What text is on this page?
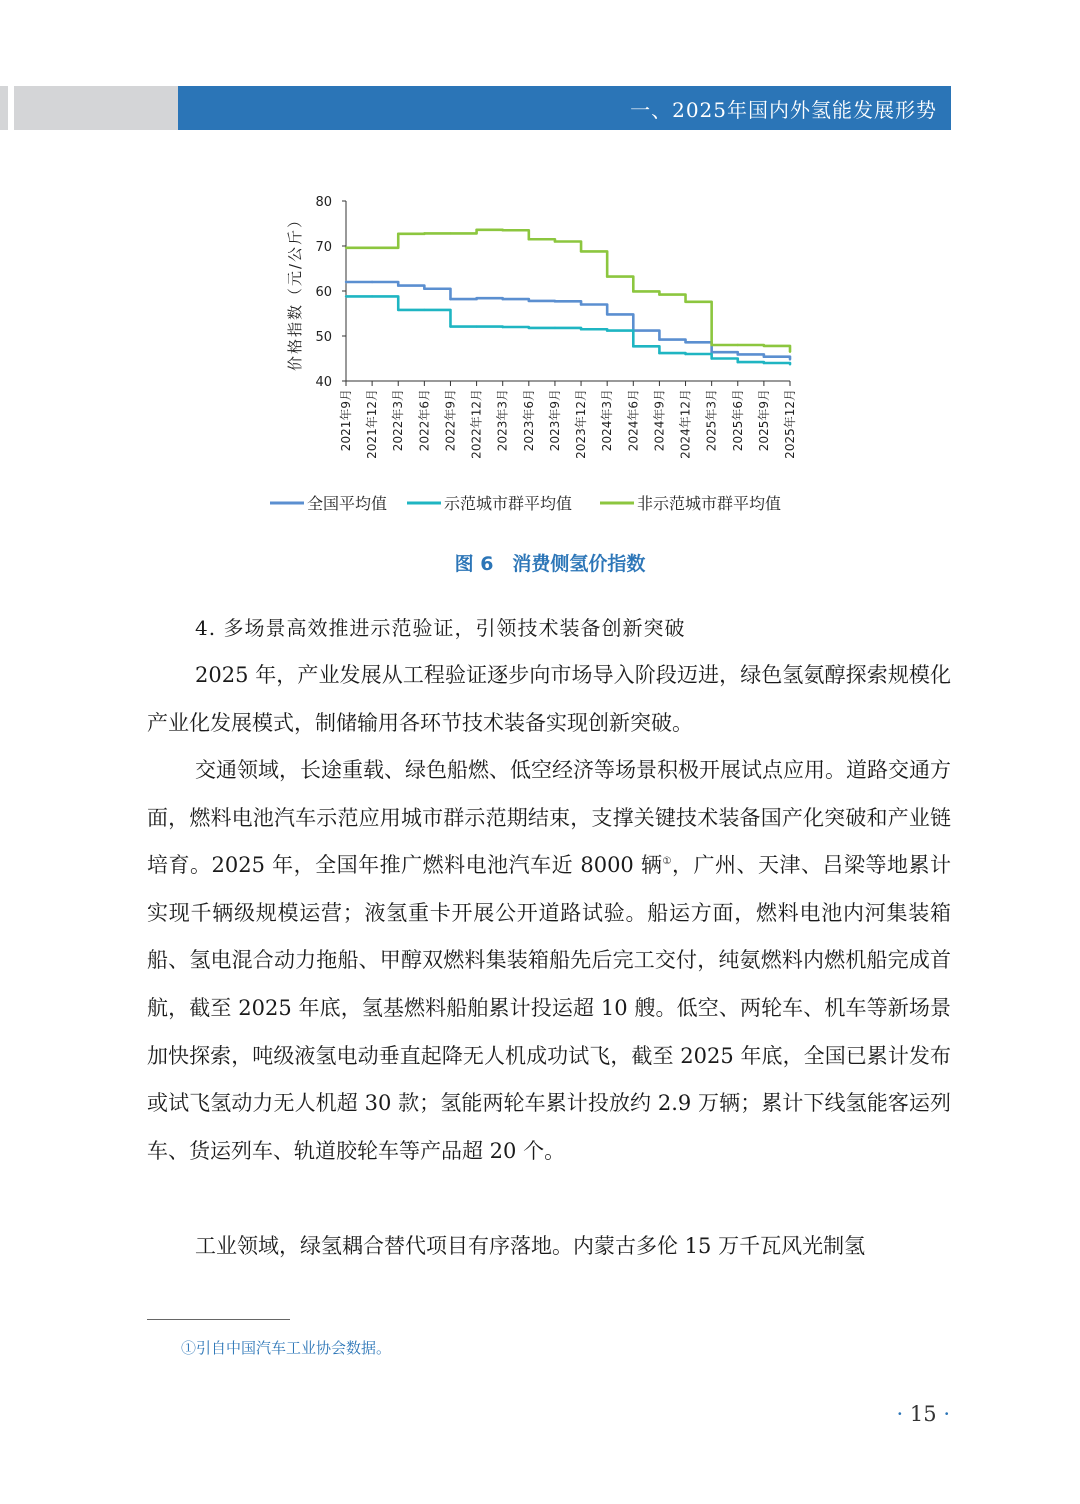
一、2025年国内外氢能发展形势
40
50
60
70
80
价格指数（元/公斤）
2021年9月 2021年12月 2022年3月 2022年6月 2022年9月 2022年12月 2023年3月 2023年6月 2023年9月 2023年12月 2024年3月 2024年6月 2024年9月 2024年12月 2025年3月 2025年6月 2025年9月 2025年12月
全国平均值	示范城市群平均值	非示范城市群平均值
图 6　消费侧氢价指数
4. 多场景高效推进示范验证，引领技术装备创新突破

2025 年，产业发展从工程验证逐步向市场导入阶段迈进，绿色氢氨醇探索规模化产业化发展模式，制储输用各环节技术装备实现创新突破。

交通领域，长途重载、绿色船燃、低空经济等场景积极开展试点应用。道路交通方面，燃料电池汽车示范应用城市群示范期结束，支撑关键技术装备国产化突破和产业链培育。2025 年，全国年推广燃料电池汽车近 8000 辆①，广州、天津、吕梁等地累计实现千辆级规模运营；液氢重卡开展公开道路试验。船运方面，燃料电池内河集装箱船、氢电混合动力拖船、甲醇双燃料集装箱船先后完工交付，纯氨燃料内燃机船完成首航，截至 2025 年底，氢基燃料船舶累计投运超 10 艘。低空、两轮车、机车等新场景加快探索，吨级液氢电动垂直起降无人机成功试飞，截至 2025 年底，全国已累计发布或试飞氢动力无人机超 30 款；氢能两轮车累计投放约 2.9 万辆；累计下线氢能客运列车、货运列车、轨道胶轮车等产品超 20 个。

工业领域，绿氢耦合替代项目有序落地。内蒙古多伦 15 万千瓦风光制氢

①引自中国汽车工业协会数据。
· 15 ·
